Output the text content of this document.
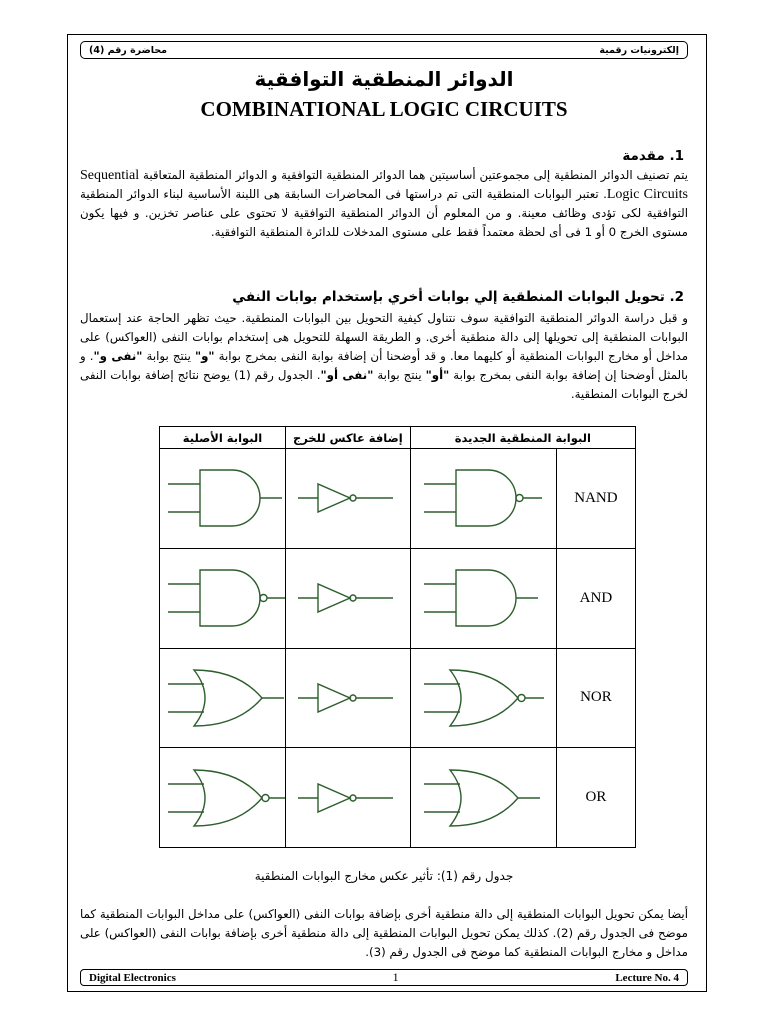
محاضرة رقم (4)	إلكترونيات رقمية
الدوائر المنطقية التوافقية
COMBINATIONAL LOGIC CIRCUITS
1. مقدمة
يتم تصنيف الدوائر المنطقية إلى مجموعتين أساسيتين هما الدوائر المنطقية التوافقية و الدوائر المنطقية المتعاقبة Sequential Logic Circuits. تعتبر البوابات المنطقية التى تم دراستها فى المحاضرات السابقة هى اللبنة الأساسية لبناء الدوائر المنطقية التوافقية لكى تؤدى وظائف معينة. و من المعلوم أن الدوائر المنطقية التوافقية لا تحتوى على عناصر تخزين. و فيها يكون مستوى الخرج 0 أو 1 فى أى لحظة معتمداً فقط على مستوى المدخلات للدائرة المنطقية التوافقية.
2. تحويل البوابات المنطقية إلي بوابات أخري بإستخدام بوابات النفي
و قبل دراسة الدوائر المنطقية التوافقية سوف نتناول كيفية التحويل بين البوابات المنطقية. حيث تظهر الحاجة عند إستعمال البوابات المنطقية إلى تحويلها إلى دالة منطقية أخرى. و الطريقة السهلة للتحويل هى إستخدام بوابات النفى (العواكس) على مداخل أو مخارج البوابات المنطقية أو كليهما معا. و قد أوضحنا أن إضافة بوابة النفى بمخرج بوابة "و" ينتج بوابة "نفى و". و بالمثل أوضحنا إن إضافة بوابة النفى بمخرج بوابة "أو" ينتج بوابة "نفى أو". الجدول رقم (1) يوضح نتائج إضافة بوابات النفى لخرج البوابات المنطقية.
البوابة الأصلية	إضافة عاكس للخرج	البوابة المنطقية الجديدة	

	NAND

	AND

	NOR

	OR
جدول رقم (1): تأثير عكس مخارج البوابات المنطقية
أيضا يمكن تحويل البوابات المنطقية إلى دالة منطقية أخرى بإضافة بوابات النفى (العواكس) على مداخل البوابات المنطقية كما موضح فى الجدول رقم (2). كذلك يمكن تحويل البوابات المنطقية إلى دالة منطقية أخرى بإضافة بوابات النفى (العواكس) على مداخل و مخارج البوابات المنطقية كما موضح فى الجدول رقم (3).
Digital Electronics	1	Lecture No. 4
